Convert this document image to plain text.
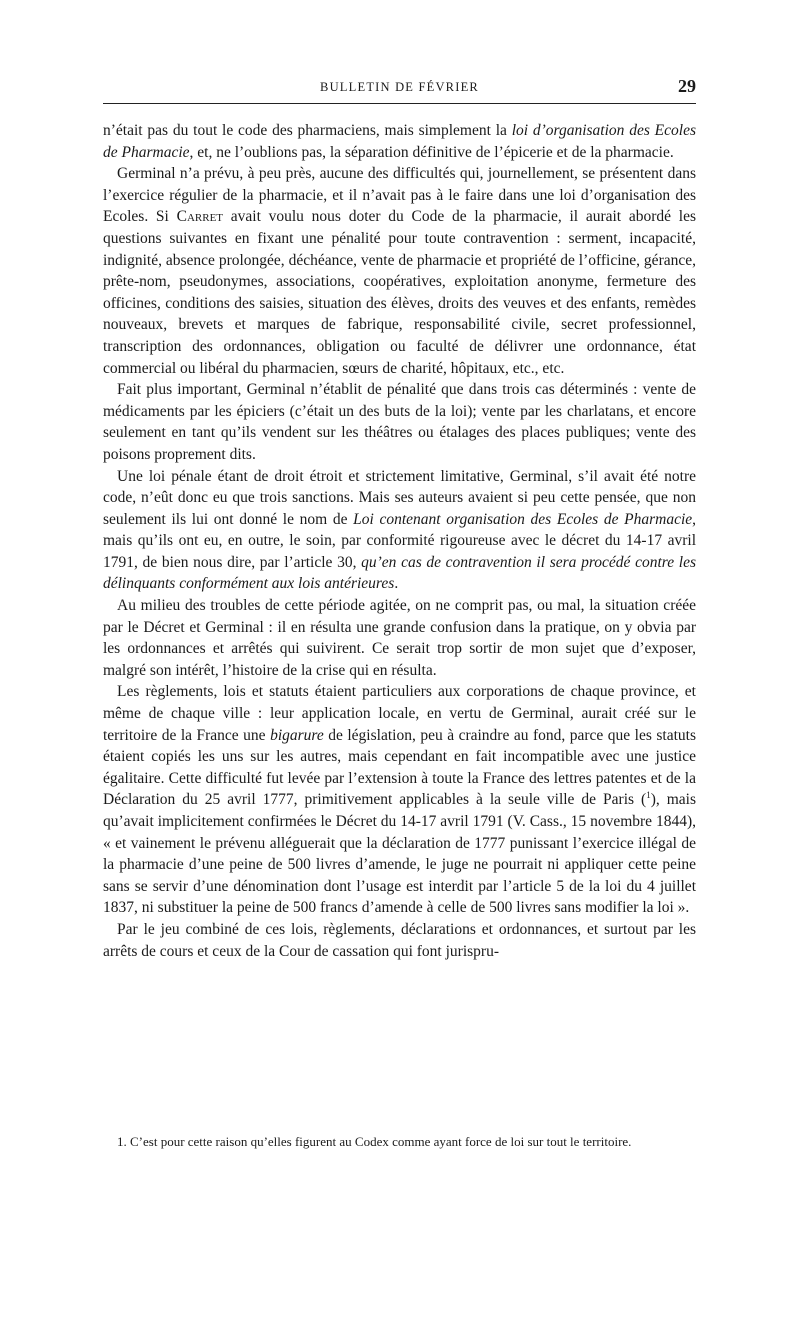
BULLETIN DE FÉVRIER	29

n’était pas du tout le code des pharmaciens, mais simplement la loi d’organisation des Ecoles de Pharmacie, et, ne l’oublions pas, la séparation définitive de l’épicerie et de la pharmacie.

Germinal n’a prévu, à peu près, aucune des difficultés qui, journellement, se présentent dans l’exercice régulier de la pharmacie, et il n’avait pas à le faire dans une loi d’organisation des Ecoles. Si Carret avait voulu nous doter du Code de la pharmacie, il aurait abordé les questions suivantes en fixant une pénalité pour toute contravention : serment, incapacité, indignité, absence prolongée, déchéance, vente de pharmacie et propriété de l’officine, gérance, prête-nom, pseudonymes, associations, coopératives, exploitation anonyme, fermeture des officines, conditions des saisies, situation des élèves, droits des veuves et des enfants, remèdes nouveaux, brevets et marques de fabrique, responsabilité civile, secret professionnel, transcription des ordonnances, obligation ou faculté de délivrer une ordonnance, état commercial ou libéral du pharmacien, sœurs de charité, hôpitaux, etc., etc.

Fait plus important, Germinal n’établit de pénalité que dans trois cas déterminés : vente de médicaments par les épiciers (c’était un des buts de la loi); vente par les charlatans, et encore seulement en tant qu’ils vendent sur les théâtres ou étalages des places publiques; vente des poisons proprement dits.

Une loi pénale étant de droit étroit et strictement limitative, Germinal, s’il avait été notre code, n’eût donc eu que trois sanctions. Mais ses auteurs avaient si peu cette pensée, que non seulement ils lui ont donné le nom de Loi contenant organisation des Ecoles de Pharmacie, mais qu’ils ont eu, en outre, le soin, par conformité rigoureuse avec le décret du 14-17 avril 1791, de bien nous dire, par l’article 30, qu’en cas de contravention il sera procédé contre les délinquants conformément aux lois antérieures.

Au milieu des troubles de cette période agitée, on ne comprit pas, ou mal, la situation créée par le Décret et Germinal : il en résulta une grande confusion dans la pratique, on y obvia par les ordonnances et arrêtés qui suivirent. Ce serait trop sortir de mon sujet que d’exposer, malgré son intérêt, l’histoire de la crise qui en résulta.

Les règlements, lois et statuts étaient particuliers aux corporations de chaque province, et même de chaque ville : leur application locale, en vertu de Germinal, aurait créé sur le territoire de la France une bigarure de législation, peu à craindre au fond, parce que les statuts étaient copiés les uns sur les autres, mais cependant en fait incompatible avec une justice égalitaire. Cette difficulté fut levée par l’extension à toute la France des lettres patentes et de la Déclaration du 25 avril 1777, primitivement applicables à la seule ville de Paris ($^1$), mais qu’avait implicitement confirmées le Décret du 14-17 avril 1791 (V. Cass., 15 novembre 1844), « et vainement le prévenu alléguerait que la déclaration de 1777 punissant l’exercice illégal de la pharmacie d’une peine de 500 livres d’amende, le juge ne pourrait ni appliquer cette peine sans se servir d’une dénomination dont l’usage est interdit par l’article 5 de la loi du 4 juillet 1837, ni substituer la peine de 500 francs d’amende à celle de 500 livres sans modifier la loi ».

Par le jeu combiné de ces lois, règlements, déclarations et ordonnances, et surtout par les arrêts de cours et ceux de la Cour de cassation qui font jurispru-

1. C’est pour cette raison qu’elles figurent au Codex comme ayant force de loi sur tout le territoire.
